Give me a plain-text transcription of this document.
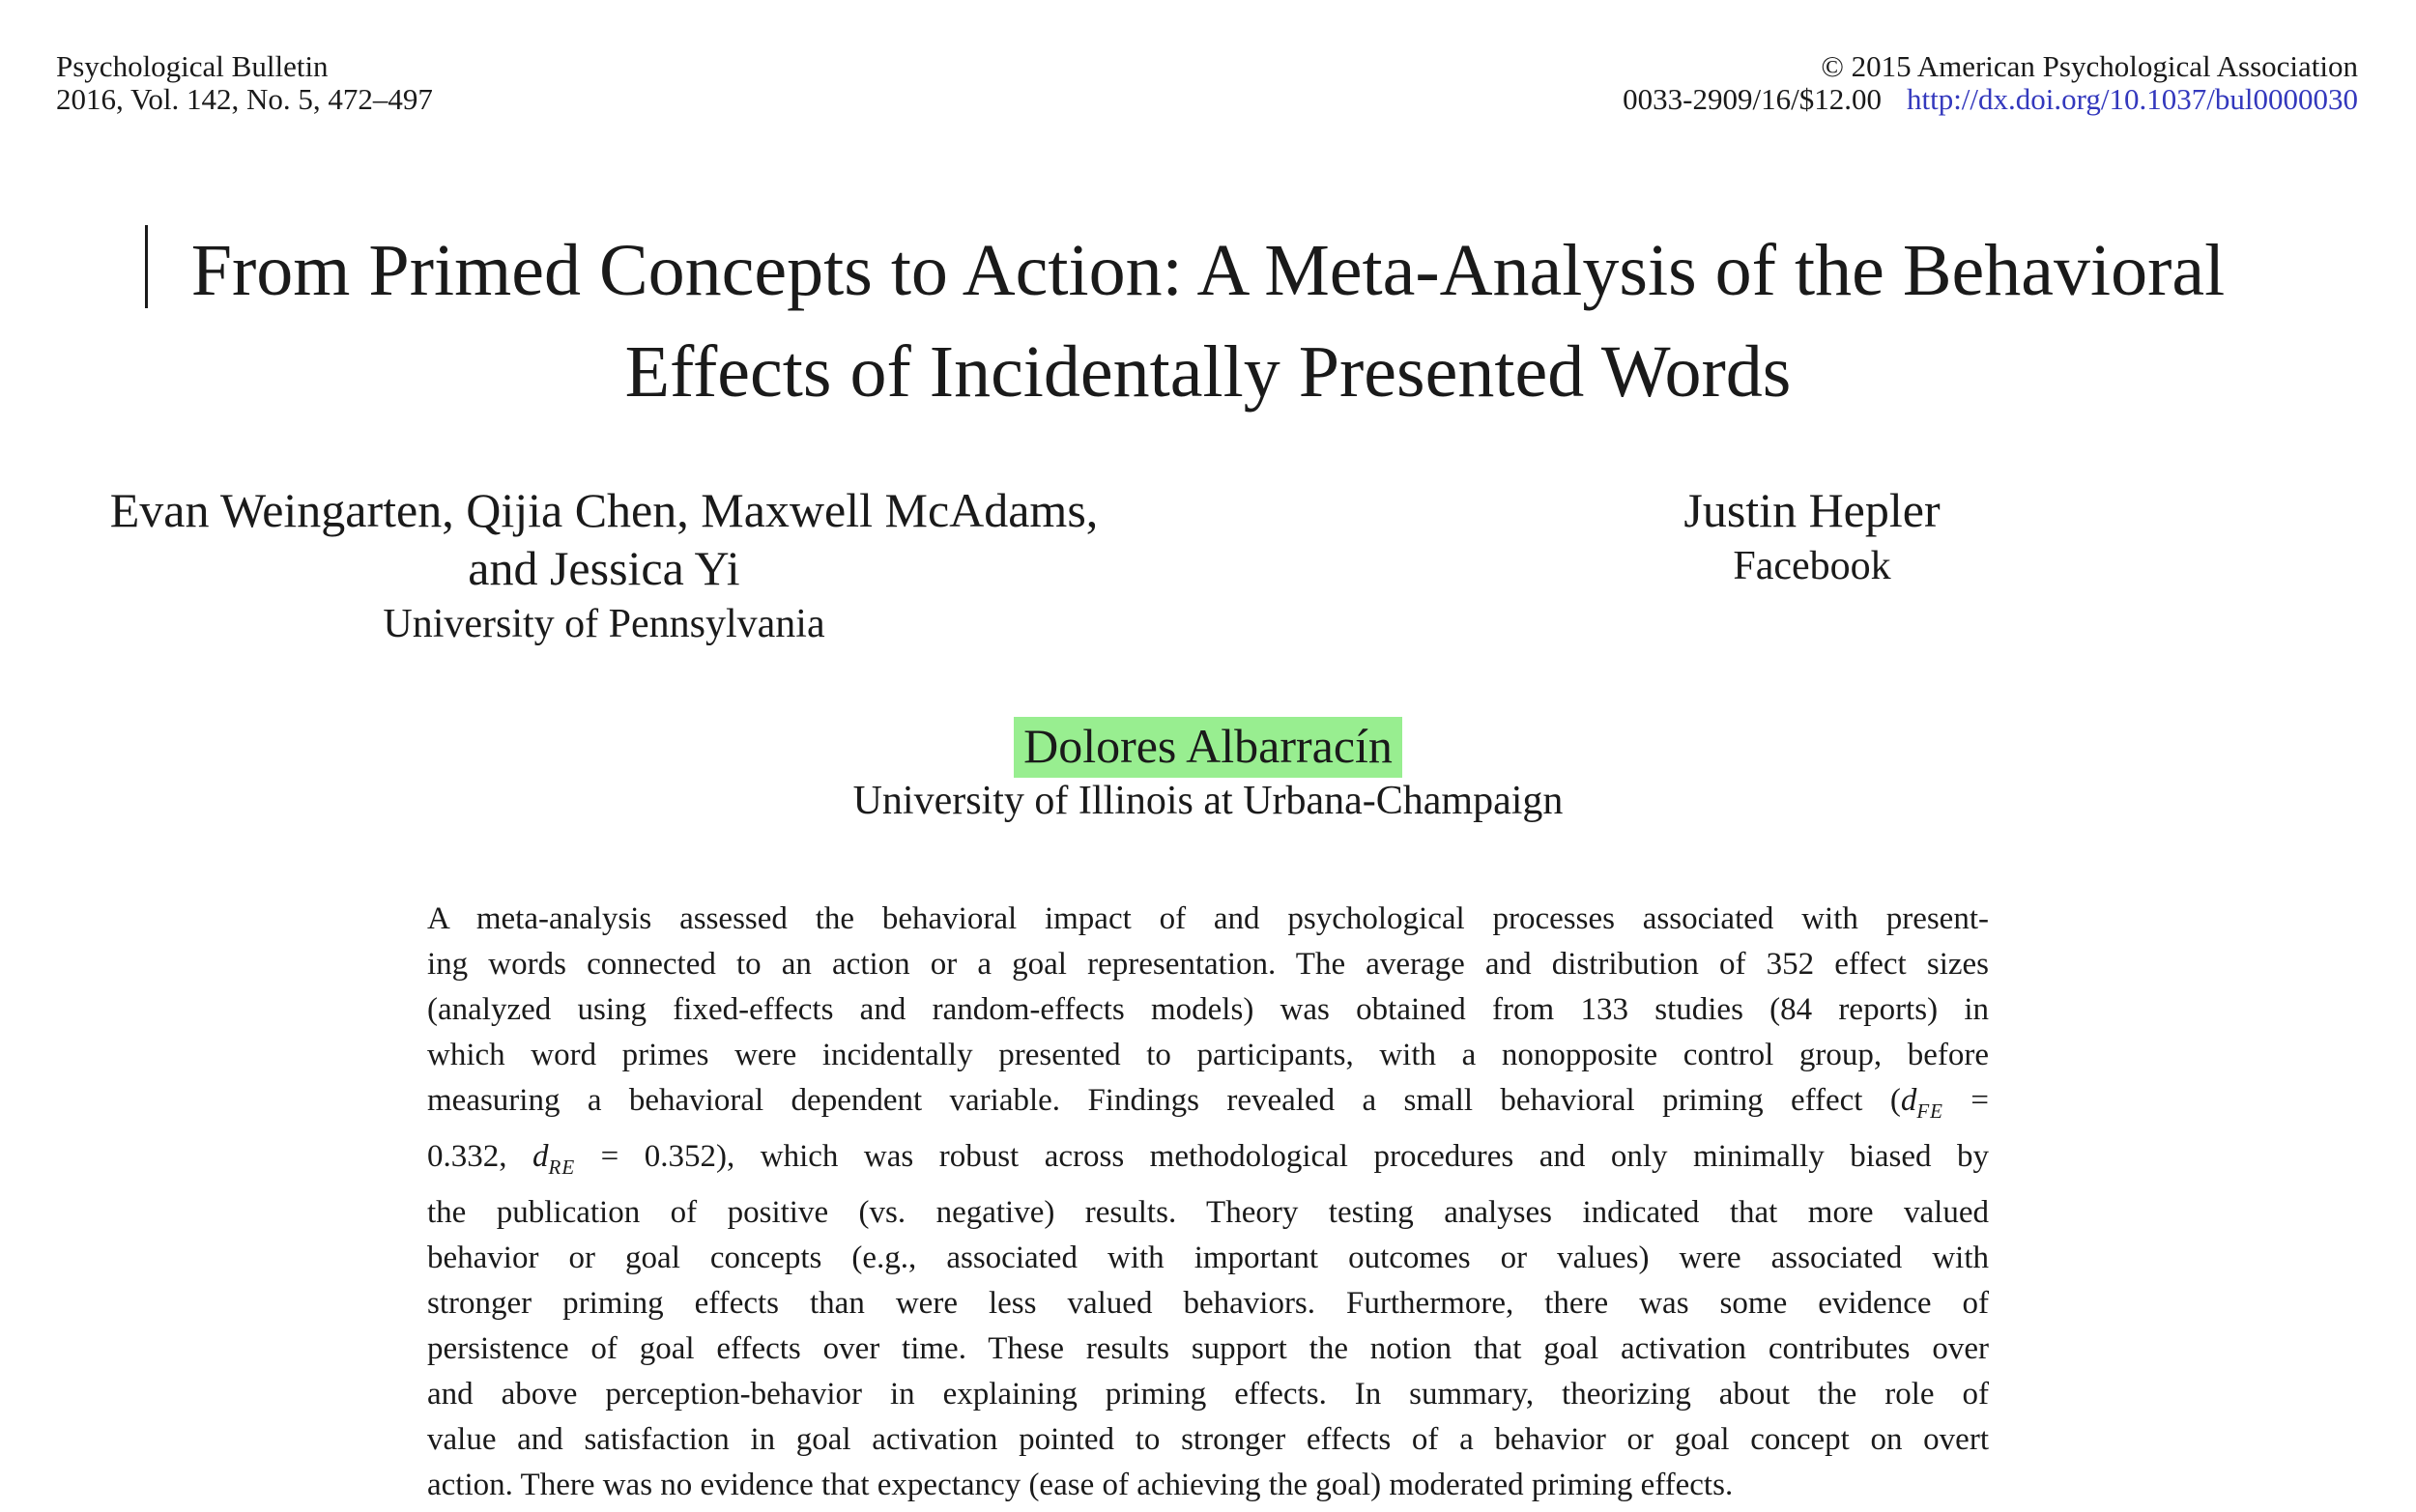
Psychological Bulletin
2016, Vol. 142, No. 5, 472–497
© 2015 American Psychological Association
0033-2909/16/$12.00 http://dx.doi.org/10.1037/bul0000030
From Primed Concepts to Action: A Meta-Analysis of the Behavioral
Effects of Incidentally Presented Words
Evan Weingarten, Qijia Chen, Maxwell McAdams,
and Jessica Yi
University of Pennsylvania
Justin Hepler
Facebook
Dolores Albarracín
University of Illinois at Urbana-Champaign
A meta-analysis assessed the behavioral impact of and psychological processes associated with present-
ing words connected to an action or a goal representation. The average and distribution of 352 effect sizes
(analyzed using fixed-effects and random-effects models) was obtained from 133 studies (84 reports) in
which word primes were incidentally presented to participants, with a nonopposite control group, before
measuring a behavioral dependent variable. Findings revealed a small behavioral priming effect ($d_{FE}$ =
0.332, $d_{RE} = 0.352$), which was robust across methodological procedures and only minimally biased by
the publication of positive (vs. negative) results. Theory testing analyses indicated that more valued
behavior or goal concepts (e.g., associated with important outcomes or values) were associated with
stronger priming effects than were less valued behaviors. Furthermore, there was some evidence of
persistence of goal effects over time. These results support the notion that goal activation contributes over
and above perception-behavior in explaining priming effects. In summary, theorizing about the role of
value and satisfaction in goal activation pointed to stronger effects of a behavior or goal concept on overt
action. There was no evidence that expectancy (ease of achieving the goal) moderated priming effects.
